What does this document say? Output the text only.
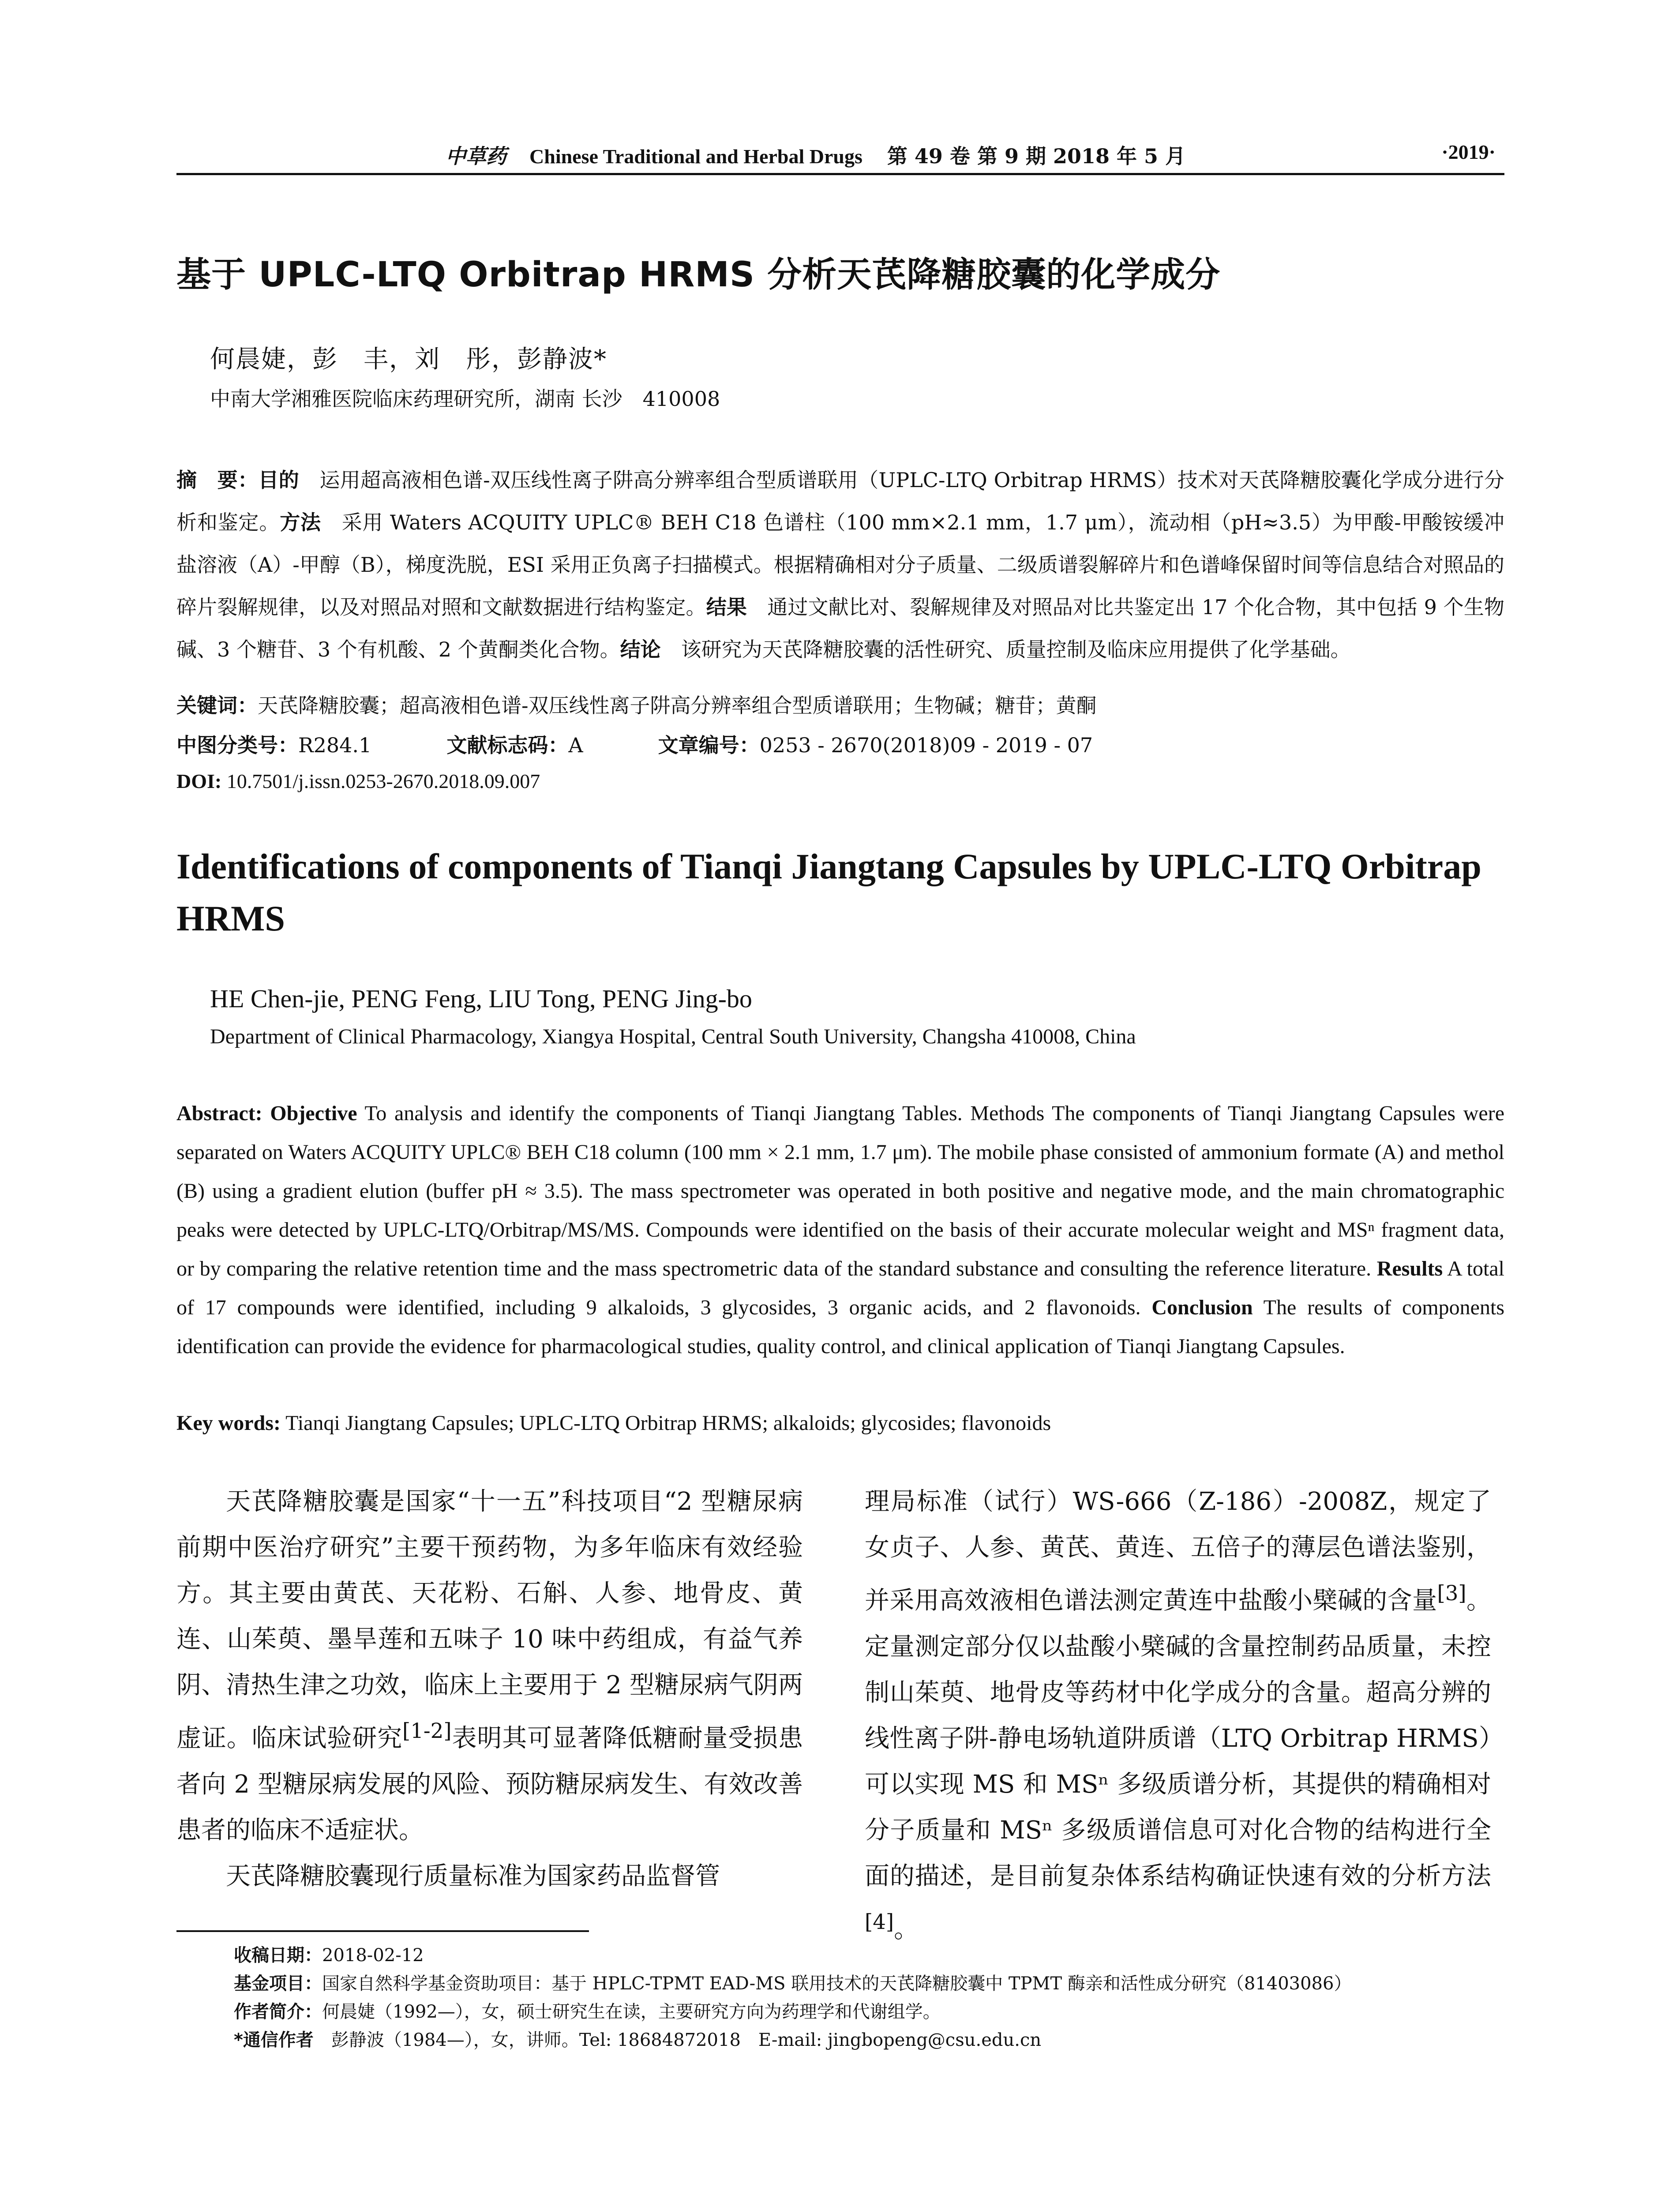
中草药 Chinese Traditional and Herbal Drugs 第 49 卷 第 9 期 2018 年 5 月	·2019·
基于 UPLC-LTQ Orbitrap HRMS 分析天芪降糖胶囊的化学成分
何晨婕，彭　丰，刘　彤，彭静波*
中南大学湘雅医院临床药理研究所，湖南 长沙　410008
摘　要：目的　运用超高液相色谱-双压线性离子阱高分辨率组合型质谱联用（UPLC-LTQ Orbitrap HRMS）技术对天芪降糖胶囊化学成分进行分析和鉴定。方法　采用 Waters ACQUITY UPLC® BEH C18 色谱柱（100 mm×2.1 mm，1.7 μm），流动相（pH≈3.5）为甲酸-甲酸铵缓冲盐溶液（A）-甲醇（B），梯度洗脱，ESI 采用正负离子扫描模式。根据精确相对分子质量、二级质谱裂解碎片和色谱峰保留时间等信息结合对照品的碎片裂解规律，以及对照品对照和文献数据进行结构鉴定。结果　通过文献比对、裂解规律及对照品对比共鉴定出 17 个化合物，其中包括 9 个生物碱、3 个糖苷、3 个有机酸、2 个黄酮类化合物。结论　该研究为天芪降糖胶囊的活性研究、质量控制及临床应用提供了化学基础。
关键词：天芪降糖胶囊；超高液相色谱-双压线性离子阱高分辨率组合型质谱联用；生物碱；糖苷；黄酮
中图分类号：R284.1	文献标志码：A	文章编号：0253 - 2670(2018)09 - 2019 - 07
DOI: 10.7501/j.issn.0253-2670.2018.09.007
Identifications of components of Tianqi Jiangtang Capsules by UPLC-LTQ Orbitrap HRMS
HE Chen-jie, PENG Feng, LIU Tong, PENG Jing-bo
Department of Clinical Pharmacology, Xiangya Hospital, Central South University, Changsha 410008, China
Abstract: Objective To analysis and identify the components of Tianqi Jiangtang Tables. Methods The components of Tianqi Jiangtang Capsules were separated on Waters ACQUITY UPLC® BEH C18 column (100 mm × 2.1 mm, 1.7 μm). The mobile phase consisted of ammonium formate (A) and methol (B) using a gradient elution (buffer pH ≈ 3.5). The mass spectrometer was operated in both positive and negative mode, and the main chromatographic peaks were detected by UPLC-LTQ/Orbitrap/MS/MS. Compounds were identified on the basis of their accurate molecular weight and MSⁿ fragment data, or by comparing the relative retention time and the mass spectrometric data of the standard substance and consulting the reference literature. Results A total of 17 compounds were identified, including 9 alkaloids, 3 glycosides, 3 organic acids, and 2 flavonoids. Conclusion The results of components identification can provide the evidence for pharmacological studies, quality control, and clinical application of Tianqi Jiangtang Capsules.
Key words: Tianqi Jiangtang Capsules; UPLC-LTQ Orbitrap HRMS; alkaloids; glycosides; flavonoids

天芪降糖胶囊是国家“十一五”科技项目“2 型糖尿病前期中医治疗研究”主要干预药物，为多年临床有效经验方。其主要由黄芪、天花粉、石斛、人参、地骨皮、黄连、山茱萸、墨旱莲和五味子 10 味中药组成，有益气养阴、清热生津之功效，临床上主要用于 2 型糖尿病气阴两虚证。临床试验研究[1-2]表明其可显著降低糖耐量受损患者向 2 型糖尿病发展的风险、预防糖尿病发生、有效改善患者的临床不适症状。

天芪降糖胶囊现行质量标准为国家药品监督管

理局标准（试行）WS-666（Z-186）-2008Z，规定了女贞子、人参、黄芪、黄连、五倍子的薄层色谱法鉴别，并采用高效液相色谱法测定黄连中盐酸小檗碱的含量[3]。定量测定部分仅以盐酸小檗碱的含量控制药品质量，未控制山茱萸、地骨皮等药材中化学成分的含量。超高分辨的线性离子阱-静电场轨道阱质谱（LTQ Orbitrap HRMS）可以实现 MS 和 MSⁿ 多级质谱分析，其提供的精确相对分子质量和 MSⁿ 多级质谱信息可对化合物的结构进行全面的描述，是目前复杂体系结构确证快速有效的分析方法[4]。

收稿日期：2018-02-12
基金项目：国家自然科学基金资助项目：基于 HPLC-TPMT EAD-MS 联用技术的天芪降糖胶囊中 TPMT 酶亲和活性成分研究（81403086）
作者简介：何晨婕（1992—），女，硕士研究生在读，主要研究方向为药理学和代谢组学。
*通信作者　彭静波（1984—），女，讲师。Tel: 18684872018　E-mail: jingbopeng@csu.edu.cn
